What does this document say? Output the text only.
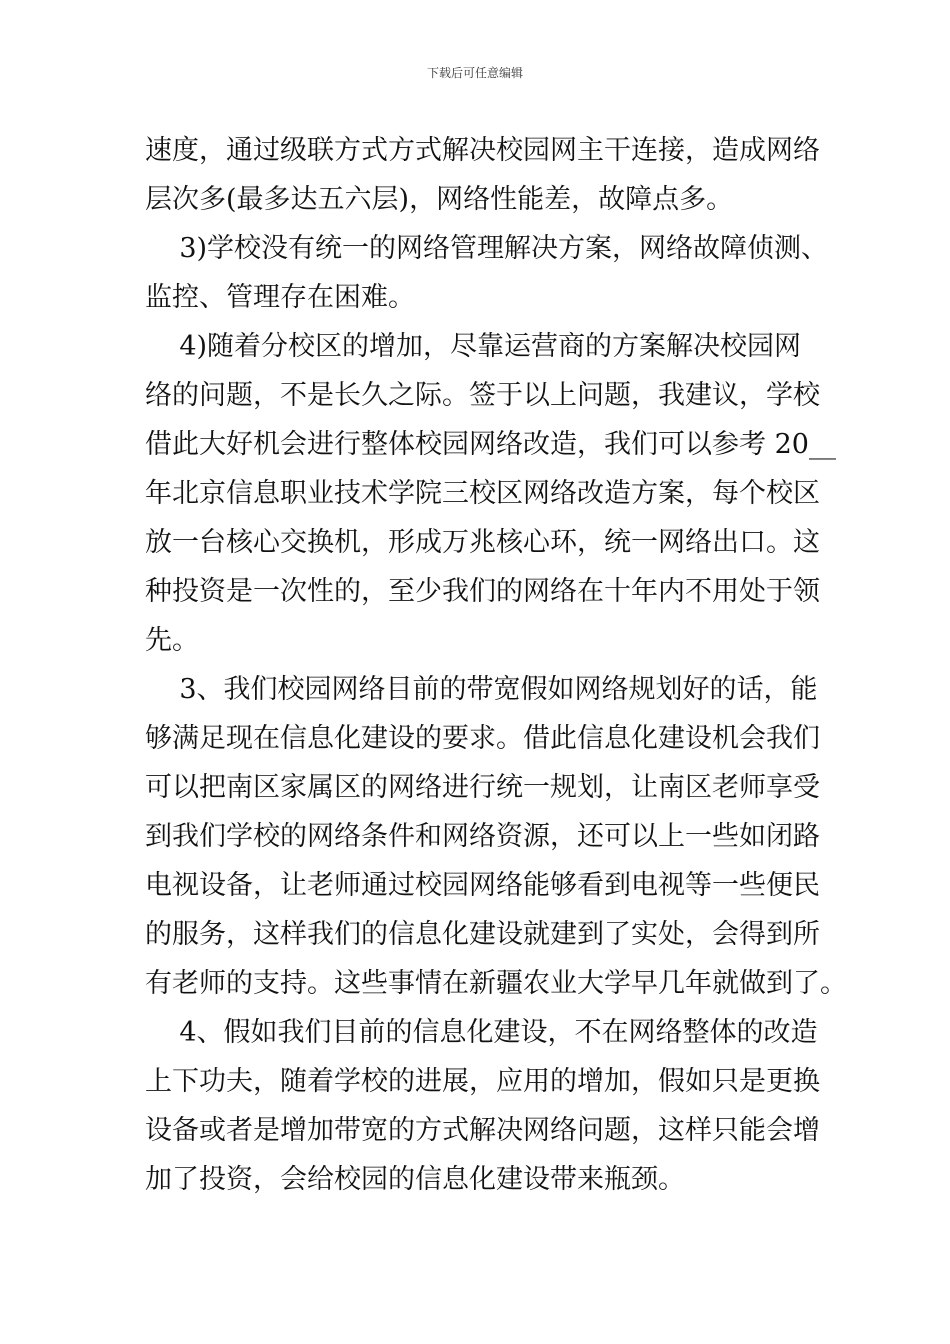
下载后可任意编辑
速度，通过级联方式方式解决校园网主干连接，造成网络
层次多(最多达五六层)，网络性能差，故障点多。
3)学校没有统一的网络管理解决方案，网络故障侦测、
监控、管理存在困难。
4)随着分校区的增加，尽靠运营商的方案解决校园网
络的问题，不是长久之际。签于以上问题，我建议，学校
借此大好机会进行整体校园网络改造，我们可以参考 20__
年北京信息职业技术学院三校区网络改造方案，每个校区
放一台核心交换机，形成万兆核心环，统一网络出口。这
种投资是一次性的，至少我们的网络在十年内不用处于领
先。
3、我们校园网络目前的带宽假如网络规划好的话，能
够满足现在信息化建设的要求。借此信息化建设机会我们
可以把南区家属区的网络进行统一规划，让南区老师享受
到我们学校的网络条件和网络资源，还可以上一些如闭路
电视设备，让老师通过校园网络能够看到电视等一些便民
的服务，这样我们的信息化建设就建到了实处，会得到所
有老师的支持。这些事情在新疆农业大学早几年就做到了。
4、假如我们目前的信息化建设，不在网络整体的改造
上下功夫，随着学校的进展，应用的增加，假如只是更换
设备或者是增加带宽的方式解决网络问题，这样只能会增
加了投资，会给校园的信息化建设带来瓶颈。
